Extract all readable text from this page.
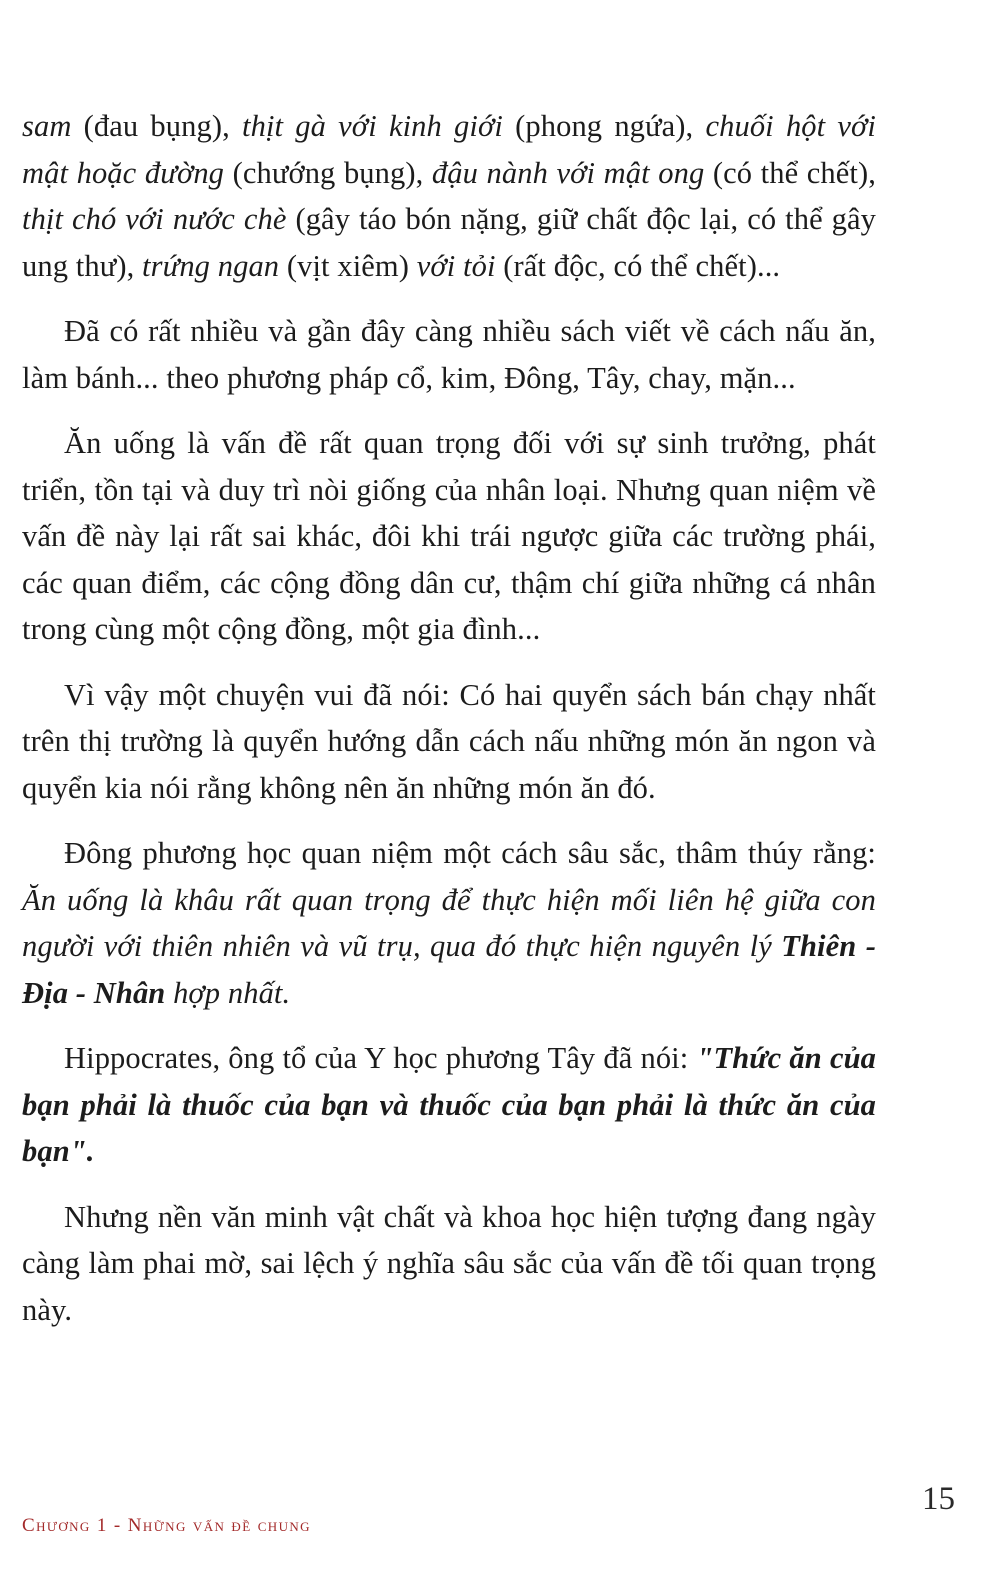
sam (đau bụng), thịt gà với kinh giới (phong ngứa), chuối hột với mật hoặc đường (chướng bụng), đậu nành với mật ong (có thể chết), thịt chó với nước chè (gây táo bón nặng, giữ chất độc lại, có thể gây ung thư), trứng ngan (vịt xiêm) với tỏi (rất độc, có thể chết)...

Đã có rất nhiều và gần đây càng nhiều sách viết về cách nấu ăn, làm bánh... theo phương pháp cổ, kim, Đông, Tây, chay, mặn...

Ăn uống là vấn đề rất quan trọng đối với sự sinh trưởng, phát triển, tồn tại và duy trì nòi giống của nhân loại. Nhưng quan niệm về vấn đề này lại rất sai khác, đôi khi trái ngược giữa các trường phái, các quan điểm, các cộng đồng dân cư, thậm chí giữa những cá nhân trong cùng một cộng đồng, một gia đình...

Vì vậy một chuyện vui đã nói: Có hai quyển sách bán chạy nhất trên thị trường là quyển hướng dẫn cách nấu những món ăn ngon và quyển kia nói rằng không nên ăn những món ăn đó.

Đông phương học quan niệm một cách sâu sắc, thâm thúy rằng: Ăn uống là khâu rất quan trọng để thực hiện mối liên hệ giữa con người với thiên nhiên và vũ trụ, qua đó thực hiện nguyên lý Thiên - Địa - Nhân hợp nhất.

Hippocrates, ông tổ của Y học phương Tây đã nói: "Thức ăn của bạn phải là thuốc của bạn và thuốc của bạn phải là thức ăn của bạn".

Nhưng nền văn minh vật chất và khoa học hiện tượng đang ngày càng làm phai mờ, sai lệch ý nghĩa sâu sắc của vấn đề tối quan trọng này.

Chương 1 - Những vấn đề chung
15
